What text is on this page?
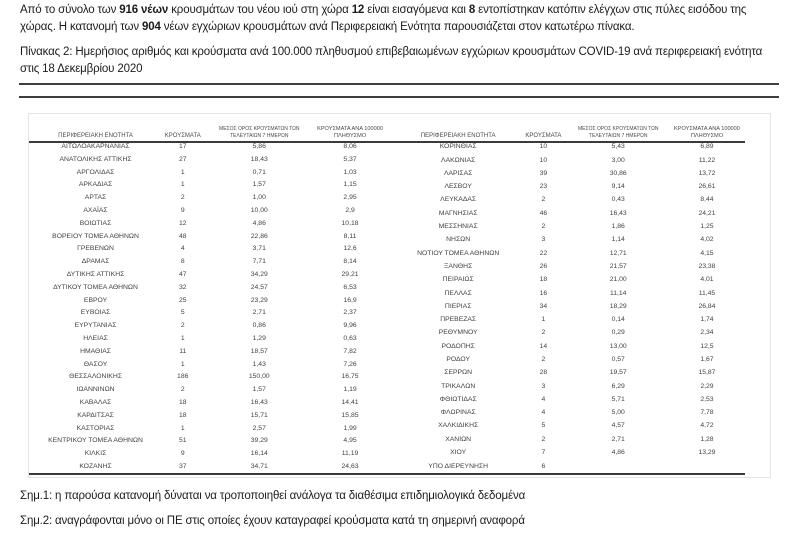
Από το σύνολο των 916 νέων κρουσμάτων του νέου ιού στη χώρα 12 είναι εισαγόμενα και 8 εντοπίστηκαν κατόπιν ελέγχων στις πύλες εισόδου της χώρας. Η κατανομή των 904 νέων εγχώριων κρουσμάτων ανά Περιφερειακή Ενότητα παρουσιάζεται στον κατωτέρω πίνακα.

Πίνακας 2: Ημερήσιος αριθμός και κρούσματα ανά 100.000 πληθυσμού επιβεβαιωμένων εγχώριων κρουσμάτων COVID-19 ανά περιφερειακή ενότητα στις 18 Δεκεμβρίου 2020

ΠΕΡΙΦΕΡΕΙΑΚΗ ΕΝΟΤΗΤΑ	ΚΡΟΥΣΜΑΤΑ	ΜΕΣΟΣ ΟΡΟΣ ΚΡΟΥΣΜΑΤΩΝ ΤΩΝ
ΤΕΛΕΥΤΑΙΩΝ 7 ΗΜΕΡΩΝ	ΚΡΟΥΣΜΑΤΑ ΑΝΑ 100000
ΠΛΗΘΥΣΜΟ

ΑΙΤΩΛΟΑΚΑΡΝΑΝΙΑΣ	17	5,86	8,06
ΑΝΑΤΟΛΙΚΗΣ ΑΤΤΙΚΗΣ	27	18,43	5,37
ΑΡΓΟΛΙΔΑΣ	1	0,71	1,03
ΑΡΚΑΔΙΑΣ	1	1,57	1,15
ΑΡΤΑΣ	2	1,00	2,95
ΑΧΑΪΑΣ	9	10,00	2,9
ΒΟΙΩΤΙΑΣ	12	4,86	10,18
ΒΟΡΕΙΟΥ ΤΟΜΕΑ ΑΘΗΝΩΝ	48	22,86	8,11
ΓΡΕΒΕΝΩΝ	4	3,71	12,6
ΔΡΑΜΑΣ	8	7,71	8,14
ΔΥΤΙΚΗΣ ΑΤΤΙΚΗΣ	47	34,29	29,21
ΔΥΤΙΚΟΥ ΤΟΜΕΑ ΑΘΗΝΩΝ	32	24,57	6,53
ΕΒΡΟΥ	25	23,29	16,9
ΕΥΒΟΙΑΣ	5	2,71	2,37
ΕΥΡΥΤΑΝΙΑΣ	2	0,86	9,96
ΗΛΕΙΑΣ	1	1,29	0,63
ΗΜΑΘΙΑΣ	11	18,57	7,82
ΘΑΣΟΥ	1	1,43	7,26
ΘΕΣΣΑΛΟΝΙΚΗΣ	186	150,00	16,75
ΙΩΑΝΝΙΝΩΝ	2	1,57	1,19
ΚΑΒΑΛΑΣ	18	16,43	14,41
ΚΑΡΔΙΤΣΑΣ	18	15,71	15,85
ΚΑΣΤΟΡΙΑΣ	1	2,57	1,99
ΚΕΝΤΡΙΚΟΥ ΤΟΜΕΑ ΑΘΗΝΩΝ	51	39,29	4,95
ΚΙΛΚΙΣ	9	16,14	11,19
ΚΟΖΑΝΗΣ	37	34,71	24,63
ΠΕΡΙΦΕΡΕΙΑΚΗ ΕΝΟΤΗΤΑ	ΚΡΟΥΣΜΑΤΑ	ΜΕΣΟΣ ΟΡΟΣ ΚΡΟΥΣΜΑΤΩΝ ΤΩΝ
ΤΕΛΕΥΤΑΙΩΝ 7 ΗΜΕΡΩΝ	ΚΡΟΥΣΜΑΤΑ ΑΝΑ 100000
ΠΛΗΘΥΣΜΟ

ΚΟΡΙΝΘΙΑΣ	10	5,43	6,89
ΛΑΚΩΝΙΑΣ	10	3,00	11,22
ΛΑΡΙΣΑΣ	39	30,86	13,72
ΛΕΣΒΟΥ	23	9,14	26,61
ΛΕΥΚΑΔΑΣ	2	0,43	8,44
ΜΑΓΝΗΣΙΑΣ	46	16,43	24,21
ΜΕΣΣΗΝΙΑΣ	2	1,86	1,25
ΝΗΣΩΝ	3	1,14	4,02
ΝΟΤΙΟΥ ΤΟΜΕΑ ΑΘΗΝΩΝ	22	12,71	4,15
ΞΑΝΘΗΣ	26	21,57	23,38
ΠΕΙΡΑΙΩΣ	18	21,00	4,01
ΠΕΛΛΑΣ	16	11,14	11,45
ΠΙΕΡΙΑΣ	34	18,29	26,84
ΠΡΕΒΕΖΑΣ	1	0,14	1,74
ΡΕΘΥΜΝΟΥ	2	0,29	2,34
ΡΟΔΟΠΗΣ	14	13,00	12,5
ΡΟΔΟΥ	2	0,57	1,67
ΣΕΡΡΩΝ	28	19,57	15,87
ΤΡΙΚΑΛΩΝ	3	6,29	2,29
ΦΘΙΩΤΙΔΑΣ	4	5,71	2,53
ΦΛΩΡΙΝΑΣ	4	5,00	7,78
ΧΑΛΚΙΔΙΚΗΣ	5	4,57	4,72
ΧΑΝΙΩΝ	2	2,71	1,28
ΧΙΟΥ	7	4,86	13,29
ΥΠΟ ΔΙΕΡΕΥΝΗΣΗ	6		

Σημ.1: η παρούσα κατανομή δύναται να τροποποιηθεί ανάλογα τα διαθέσιμα επιδημιολογικά δεδομένα

Σημ.2: αναγράφονται μόνο οι ΠΕ στις οποίες έχουν καταγραφεί κρούσματα κατά τη σημερινή αναφορά
